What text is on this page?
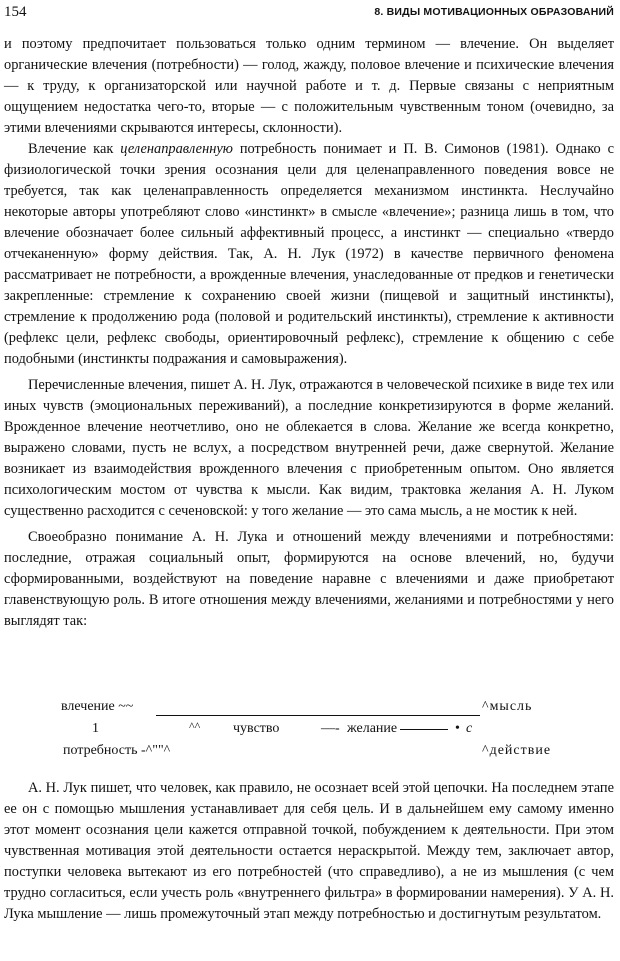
154	8. ВИДЫ МОТИВАЦИОННЫХ ОБРАЗОВАНИЙ

и поэтому предпочитает пользоваться только одним термином — влечение. Он выделяет органические влечения (потребности) — голод, жажду, половое влечение и психические влечения — к труду, к организаторской или научной работе и т. д. Первые связаны с неприятным ощущением недостатка чего-то, вторые — с положительным чувственным тоном (очевидно, за этими влечениями скрываются интересы, склонности).

Влечение как целенаправленную потребность понимает и П. В. Симонов (1981). Однако с физиологической точки зрения осознания цели для целенаправленного поведения вовсе не требуется, так как целенаправленность определяется механизмом инстинкта. Неслучайно некоторые авторы употребляют слово «инстинкт» в смысле «влечение»; разница лишь в том, что влечение обозначает более сильный аффективный процесс, а инстинкт — специально «твердо отчеканенную» форму действия. Так, А. Н. Лук (1972) в качестве первичного феномена рассматривает не потребности, а врожденные влечения, унаследованные от предков и генетически закрепленные: стремление к сохранению своей жизни (пищевой и защитный инстинкты), стремление к продолжению рода (половой и родительский инстинкты), стремление к активности (рефлекс цели, рефлекс свободы, ориентировочный рефлекс), стремление к общению с себе подобными (инстинкты подражания и самовыражения).

Перечисленные влечения, пишет А. Н. Лук, отражаются в человеческой психике в виде тех или иных чувств (эмоциональных переживаний), а последние конкретизируются в форме желаний. Врожденное влечение неотчетливо, оно не облекается в слова. Желание же всегда конкретно, выражено словами, пусть не вслух, а посредством внутренней речи, даже свернутой. Желание возникает из взаимодействия врожденного влечения с приобретенным опытом. Оно является психологическим мостом от чувства к мысли. Как видим, трактовка желания А. Н. Луком существенно расходится с сеченовской: у того желание — это сама мысль, а не мостик к ней.

Своеобразно понимание А. Н. Лука и отношений между влечениями и потребностями: последние, отражая социальный опыт, формируются на основе влечений, но, будучи сформированными, воздействуют на поведение наравне с влечениями и даже приобретают главенствующую роль. В итоге отношения между влечениями, желаниями и потребностями у него выглядят так:

влечение ~~	^мысль
1	^^ чувство	—- желание	• с
потребность -^""^	^действие

А. Н. Лук пишет, что человек, как правило, не осознает всей этой цепочки. На последнем этапе ее он с помощью мышления устанавливает для себя цель. И в дальнейшем ему самому именно этот момент осознания цели кажется отправной точкой, побуждением к деятельности. При этом чувственная мотивация этой деятельности остается нераскрытой. Между тем, заключает автор, поступки человека вытекают из его потребностей (что справедливо), а не из мышления (с чем трудно согласиться, если учесть роль «внутреннего фильтра» в формировании намерения). У А. Н. Лука мышление — лишь промежуточный этап между потребностью и достигнутым результатом.
